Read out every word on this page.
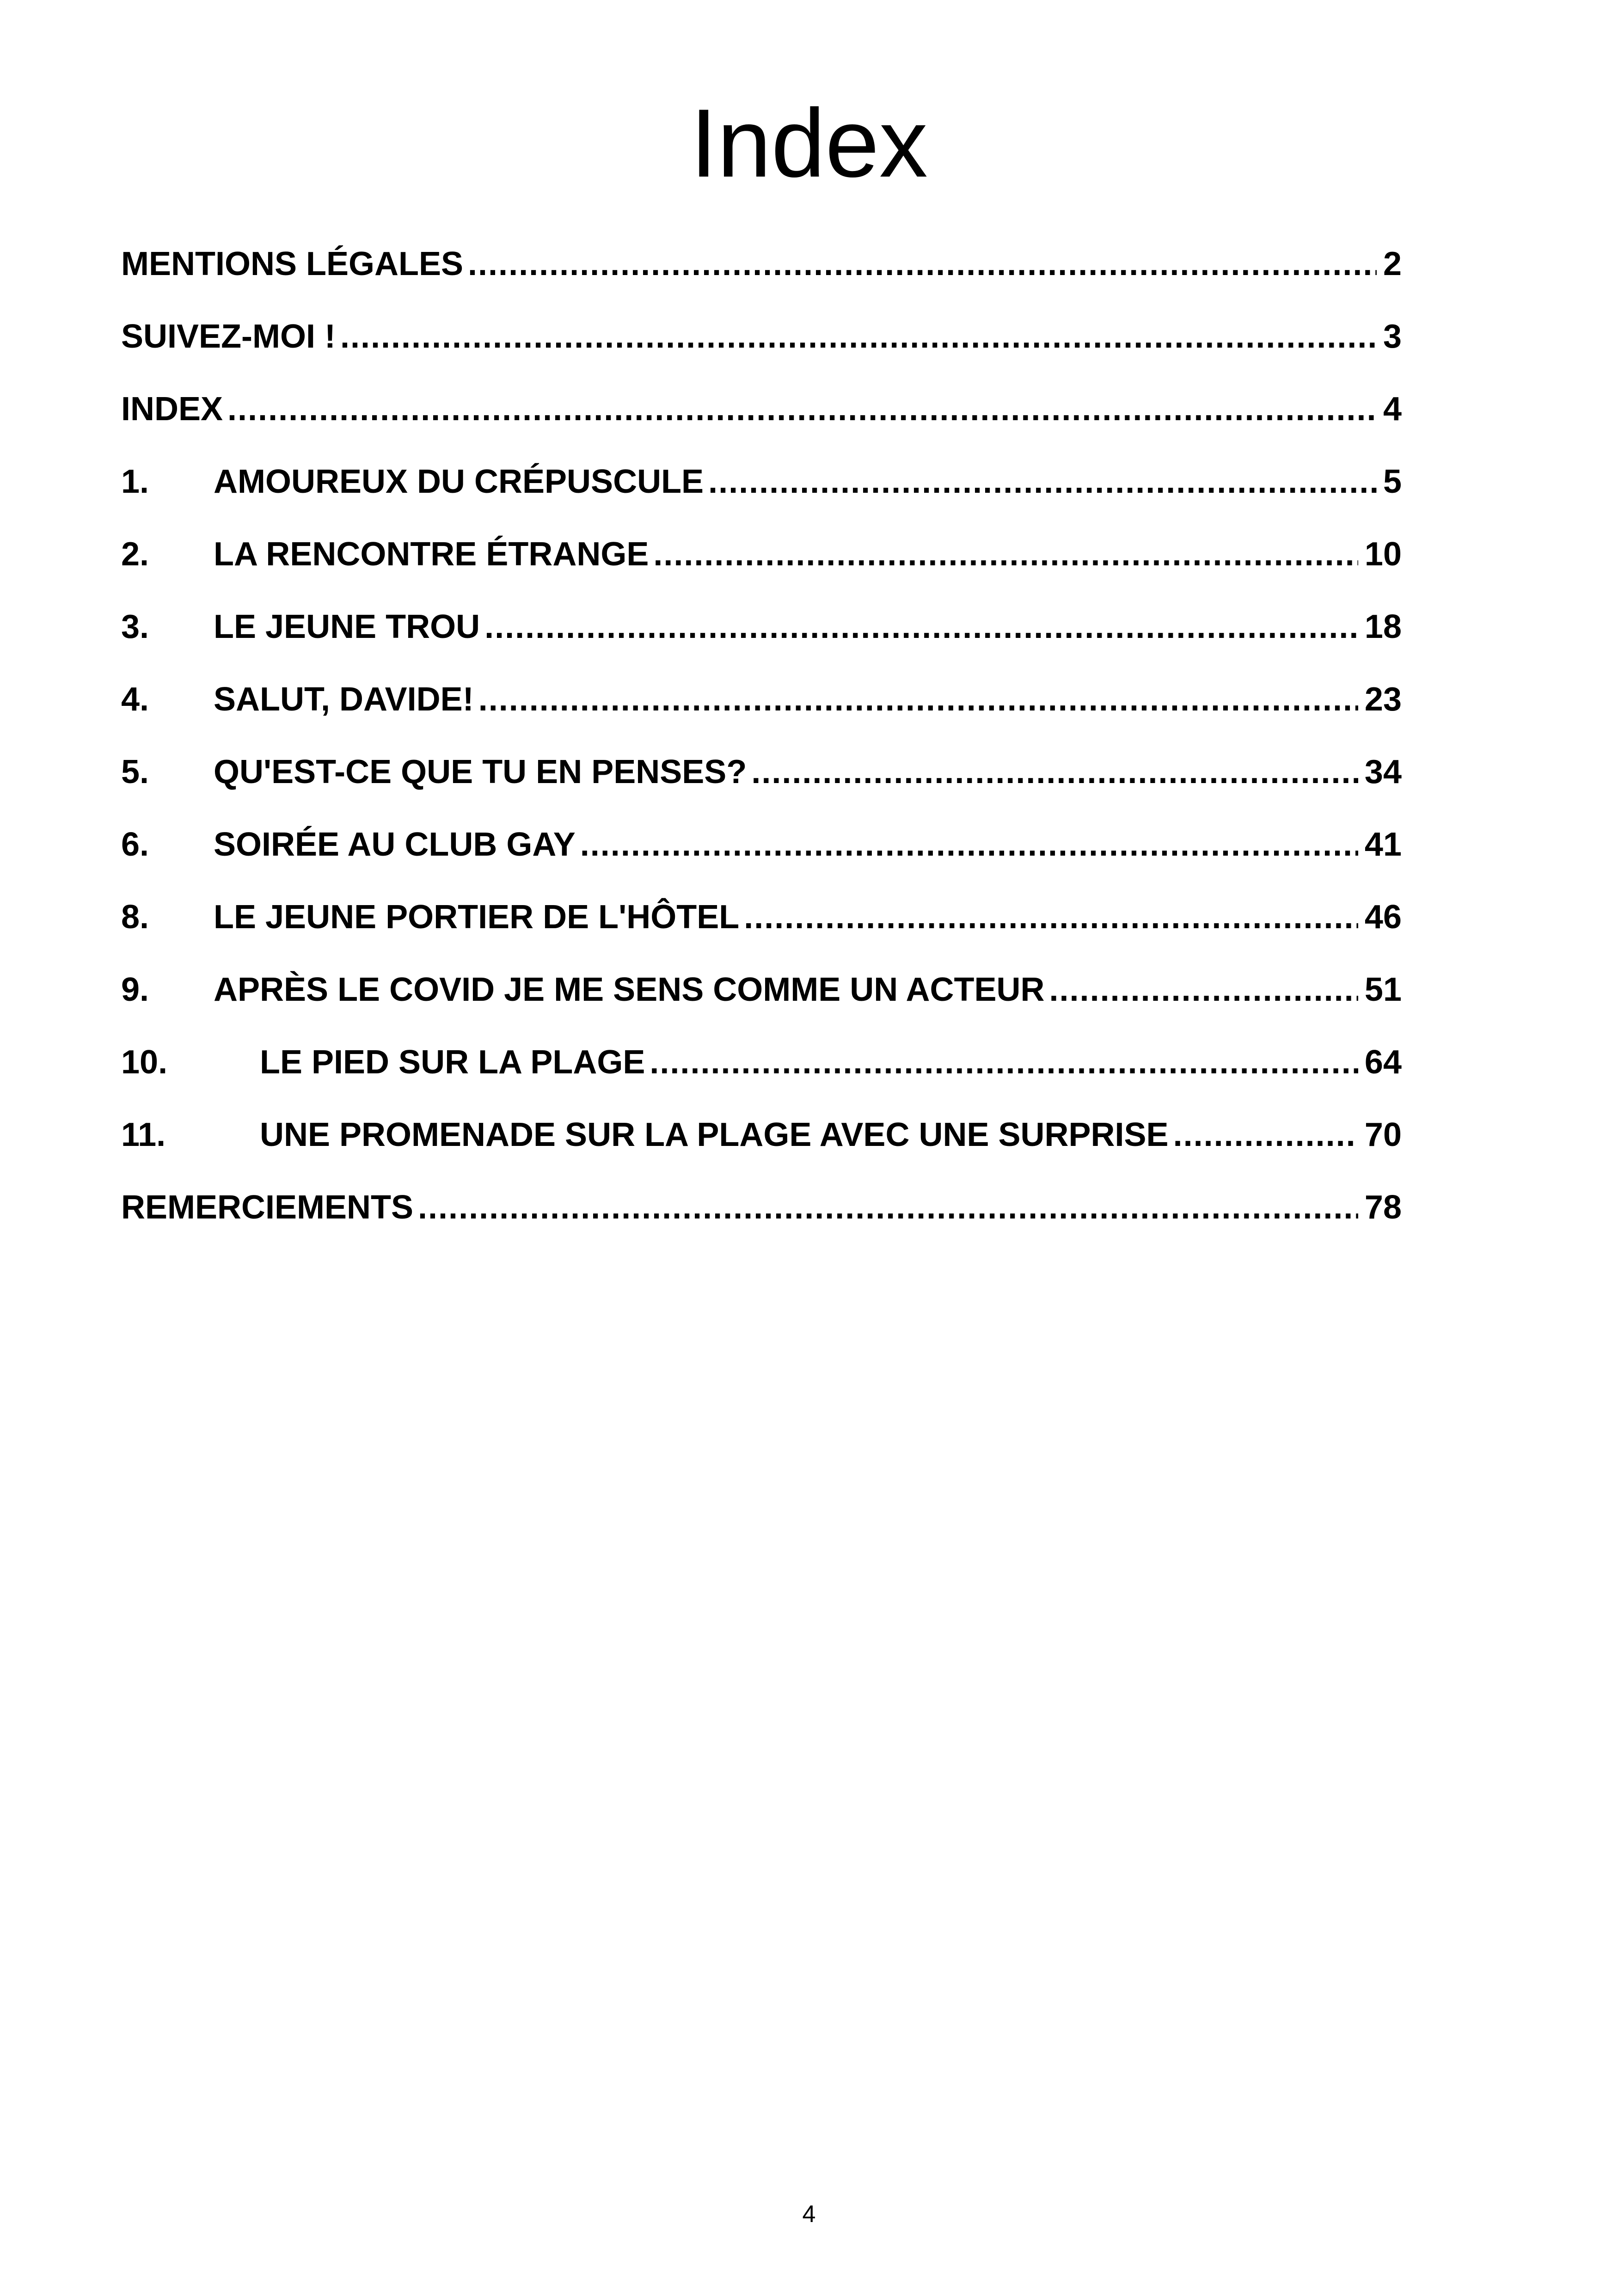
Index
MENTIONS LÉGALES .....	2
SUIVEZ-MOI ! .....	3
INDEX .....	4
1.	AMOUREUX DU CRÉPUSCULE .....	5
2.	LA RENCONTRE ÉTRANGE .....	10
3.	LE JEUNE TROU .....	18
4.	SALUT, DAVIDE! .....	23
5.	QU'EST-CE QUE TU EN PENSES? .....	34
6.	SOIRÉE AU CLUB GAY .....	41
8.	LE JEUNE PORTIER DE L'HÔTEL .....	46
9.	APRÈS LE COVID JE ME SENS COMME UN ACTEUR .....	51
10.	LE PIED SUR LA PLAGE .....	64
11.	UNE PROMENADE SUR LA PLAGE AVEC UNE SURPRISE .....	70
REMERCIEMENTS .....	78
4
